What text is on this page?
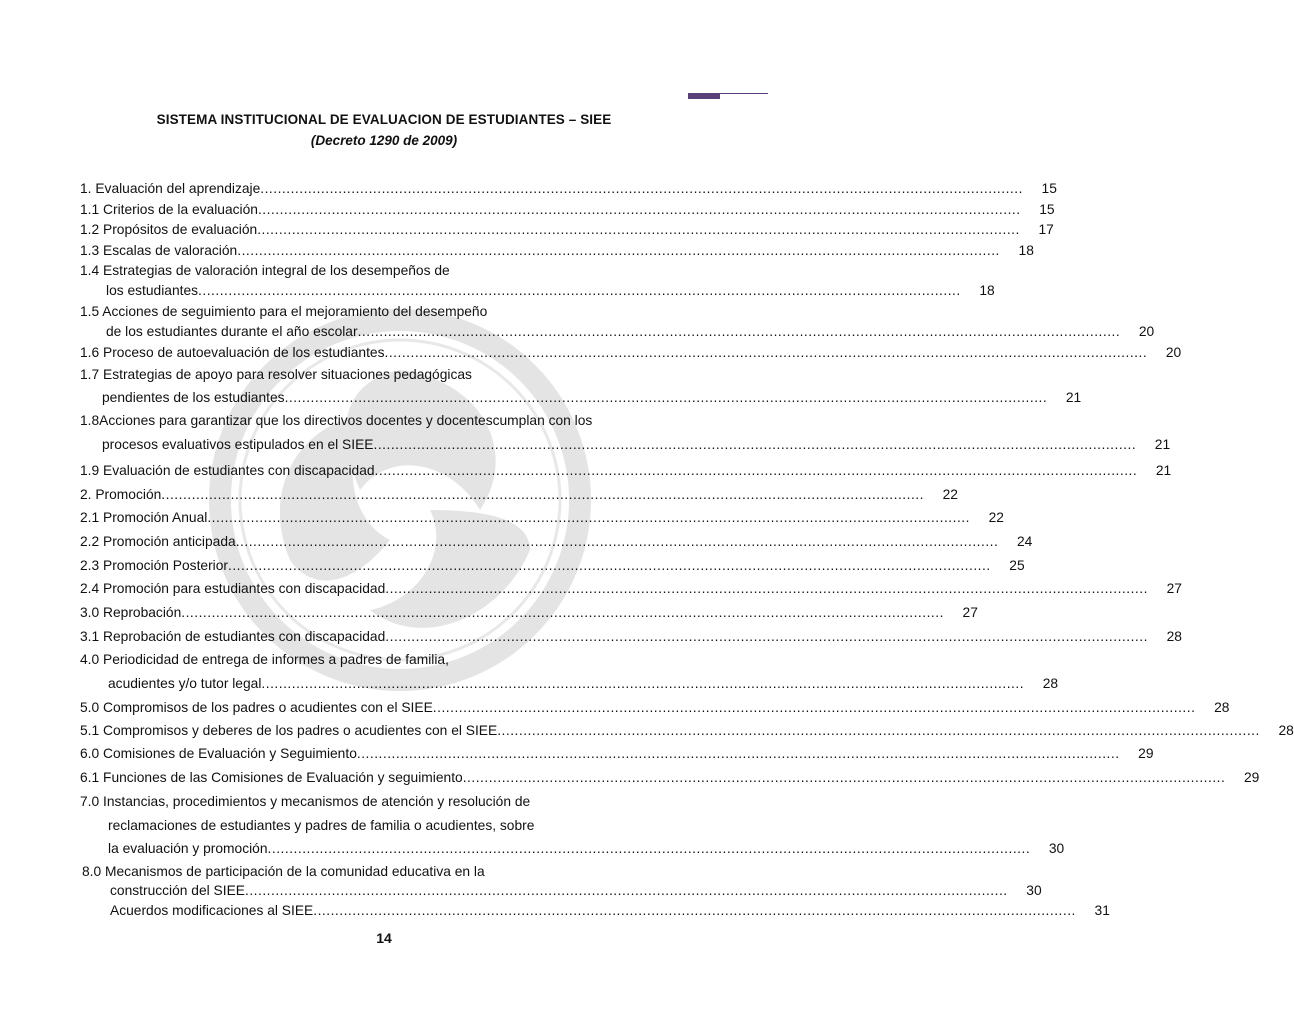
SISTEMA INSTITUCIONAL DE EVALUACION DE ESTUDIANTES – SIEE
(Decreto 1290 de 2009)
1. Evaluación del aprendizaje .....	15
1.1 Criterios de la evaluación .....	15
1.2 Propósitos de evaluación .....	17
1.3 Escalas de valoración .....	18
1.4 Estrategias de valoración integral de los desempeños de
los estudiantes .....	18
1.5 Acciones de seguimiento para el mejoramiento del desempeño
de los estudiantes durante el año escolar .....	20
1.6 Proceso de autoevaluación de los estudiantes .....	20
1.7 Estrategias de apoyo para resolver situaciones pedagógicas
pendientes de los estudiantes .....	21
1.8Acciones para garantizar que los directivos docentes y docentescumplan con los
procesos evaluativos estipulados en el SIEE .....	21
1.9 Evaluación de estudiantes con discapacidad .....	21
2. Promoción .....	22
2.1 Promoción Anual .....	22
2.2 Promoción anticipada .....	24
2.3 Promoción Posterior .....	25
2.4 Promoción para estudiantes con discapacidad .....	27
3.0 Reprobación .....	27
3.1 Reprobación de estudiantes con discapacidad .....	28
4.0 Periodicidad de entrega de informes a padres de familia,
acudientes y/o tutor legal .....	28
5.0 Compromisos de los padres o acudientes con el SIEE .....	28
5.1 Compromisos y deberes de los padres o acudientes con el SIEE .....	28
6.0 Comisiones de Evaluación y Seguimiento .....	29
6.1 Funciones de las Comisiones de Evaluación y seguimiento .....	29
7.0 Instancias, procedimientos y mecanismos de atención y resolución de
reclamaciones de estudiantes y padres de familia o acudientes, sobre
la evaluación y promoción .....	30
8.0 Mecanismos de participación de la comunidad educativa en la
construcción del SIEE .....	30
Acuerdos modificaciones al SIEE .....	31
14
